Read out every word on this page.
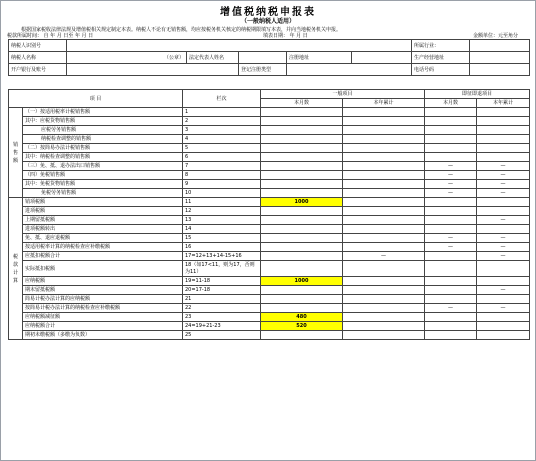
增值税纳税申报表
（一般纳税人适用）
根据国家税收法律法规及增值税相关规定制定本表。纳税人不论有无销售额，均应按税务机关核定的纳税期限填写本表，并向当地税务机关申报。
税款所属时间： 自 年 月 日至 年 月 日	填表日期： 年 月 日	金额单位：元至角分
纳税人识别号						所属行业：	
纳税人名称	（公章）	法定代表人姓名		注册地址		生产经营地址	
开户银行及账号			登记注册类型			电话号码	
项 目		栏次	一般项目		即征即退项目	
			本月数	本年累计	本月数	本年累计
销售额	（一）按适用税率计税销售额	1				
	其中：应税货物销售额	2				
	应税劳务销售额	3				
	纳税检查调整的销售额	4				
	（二）按简易办法计税销售额	5				
	其中：纳税检查调整的销售额	6				
	（三）免、抵、退办法出口销售额	7			—	—
	（四）免税销售额	8			—	—
	其中：免税货物销售额	9			—	—
	免税劳务销售额	10			—	—
税款计算	销项税额	11	1000			
	进项税额	12				
	上期留抵税额	13				—
	进项税额转出	14				
	免、抵、退应退税额	15			—	—
	按适用税率计算的纳税检查应补缴税额	16			—	—
	应抵扣税额合计	17=12+13+14-15+16		—		—
	实际抵扣税额	18（如17<11，则为17，否则为11）				
	应纳税额	19=11-18	1000			
	期末留抵税额	20=17-18				—
	简易计税办法计算的应纳税额	21				
	按简易计税办法计算的纳税检查应补缴税额	22			—	—
	应纳税额减征额	23	480			
	应纳税额合计	24=19+21-23	520			
	期初未缴税额（多缴为负数）	25				
